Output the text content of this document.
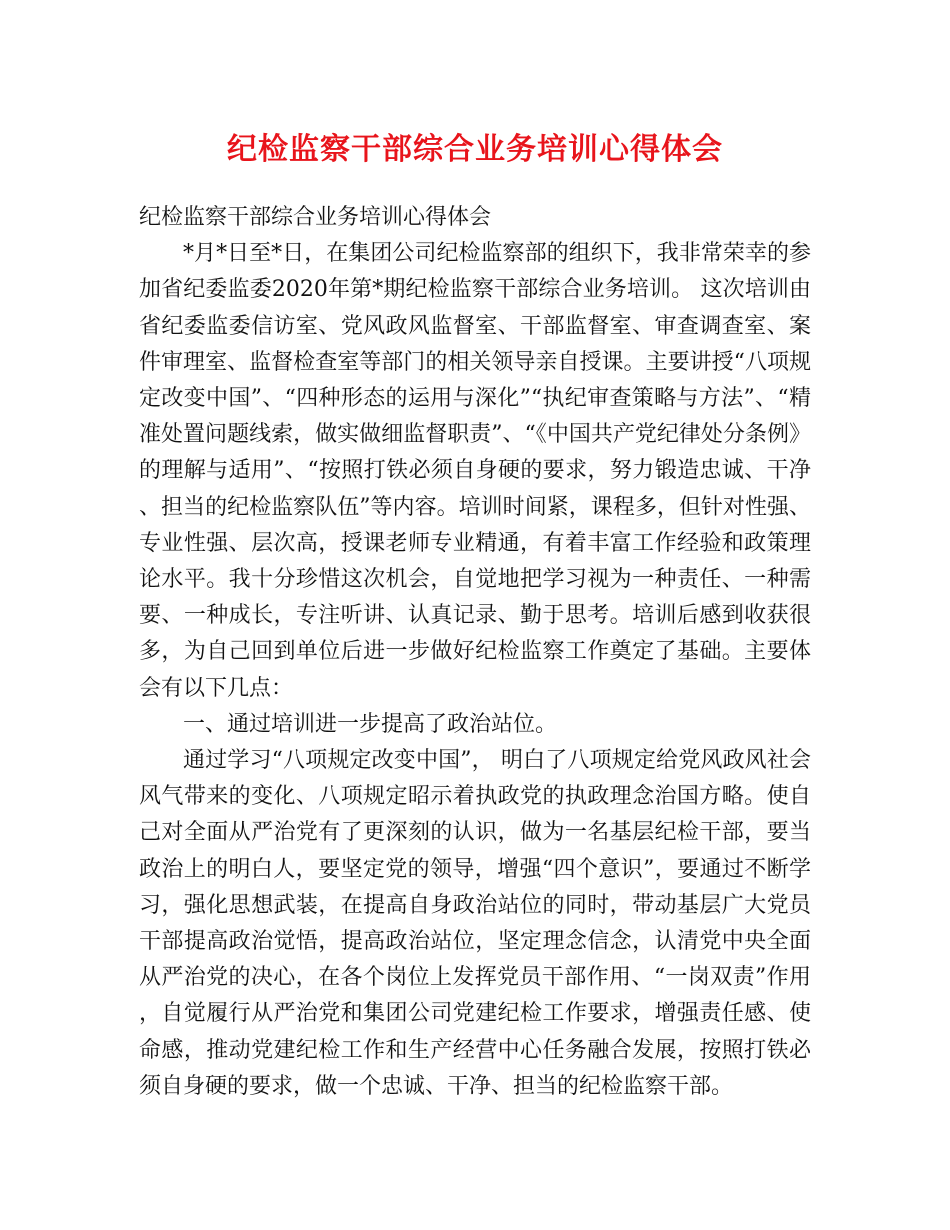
纪检监察干部综合业务培训心得体会

纪检监察干部综合业务培训心得体会

*月*日至*日，在集团公司纪检监察部的组织下，我非常荣幸的参加省纪委监委2020年第*期纪检监察干部综合业务培训。 这次培训由省纪委监委信访室、党风政风监督室、干部监督室、审查调查室、案件审理室、监督检查室等部门的相关领导亲自授课。主要讲授“八项规定改变中国”、“四种形态的运用与深化”“执纪审查策略与方法”、“精准处置问题线索，做实做细监督职责”、“《中国共产党纪律处分条例》的理解与适用”、“按照打铁必须自身硬的要求，努力锻造忠诚、干净、担当的纪检监察队伍”等内容。培训时间紧，课程多，但针对性强、专业性强、层次高，授课老师专业精通，有着丰富工作经验和政策理论水平。我十分珍惜这次机会，自觉地把学习视为一种责任、一种需要、一种成长，专注听讲、认真记录、勤于思考。培训后感到收获很多，为自己回到单位后进一步做好纪检监察工作奠定了基础。主要体会有以下几点：

一、通过培训进一步提高了政治站位。

通过学习“八项规定改变中国”， 明白了八项规定给党风政风社会风气带来的变化、八项规定昭示着执政党的执政理念治国方略。使自己对全面从严治党有了更深刻的认识，做为一名基层纪检干部，要当政治上的明白人，要坚定党的领导，增强“四个意识”，要通过不断学习，强化思想武装，在提高自身政治站位的同时，带动基层广大党员干部提高政治觉悟，提高政治站位，坚定理念信念，认清党中央全面从严治党的决心，在各个岗位上发挥党员干部作用、“一岗双责”作用，自觉履行从严治党和集团公司党建纪检工作要求，增强责任感、使命感，推动党建纪检工作和生产经营中心任务融合发展，按照打铁必须自身硬的要求，做一个忠诚、干净、担当的纪检监察干部。
